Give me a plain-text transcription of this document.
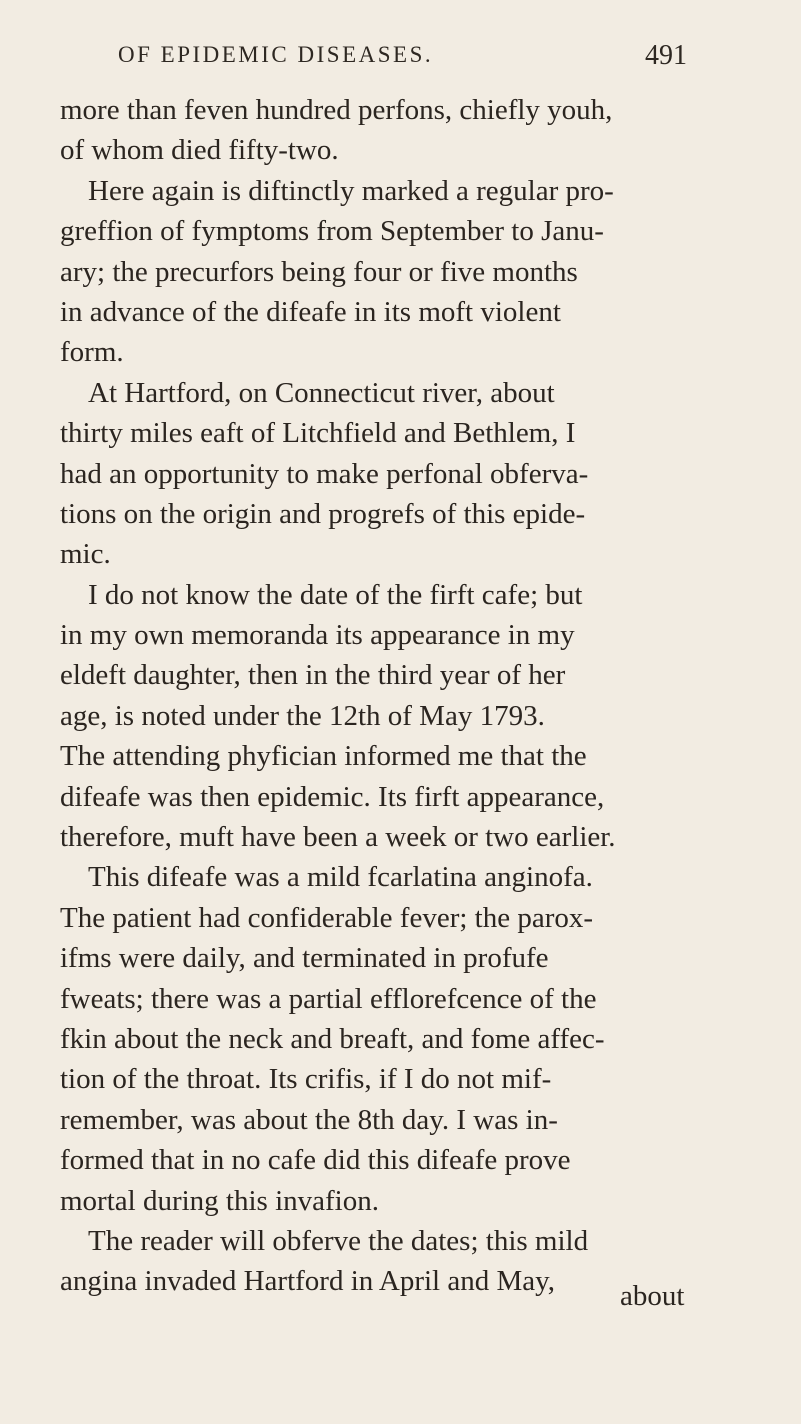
OF EPIDEMIC DISEASES.	491
more than feven hundred perfons, chiefly youh,
of whom died fifty-two.
Here again is diftinctly marked a regular pro-
greffion of fymptoms from September to Janu-
ary; the precurfors being four or five months
in advance of the difeafe in its moft violent
form.
At Hartford, on Connecticut river, about
thirty miles eaft of Litchfield and Bethlem, I
had an opportunity to make perfonal obferva-
tions on the origin and progrefs of this epide-
mic.
I do not know the date of the firft cafe; but
in my own memoranda its appearance in my
eldeft daughter, then in the third year of her
age, is noted under the 12th of May 1793.
The attending phyfician informed me that the
difeafe was then epidemic. Its firft appearance,
therefore, muft have been a week or two earlier.
This difeafe was a mild fcarlatina anginofa.
The patient had confiderable fever; the parox-
ifms were daily, and terminated in profufe
fweats; there was a partial efflorefcence of the
fkin about the neck and breaft, and fome affec-
tion of the throat. Its crifis, if I do not mif-
remember, was about the 8th day. I was in-
formed that in no cafe did this difeafe prove
mortal during this invafion.
The reader will obferve the dates; this mild
angina invaded Hartford in April and May,	about
